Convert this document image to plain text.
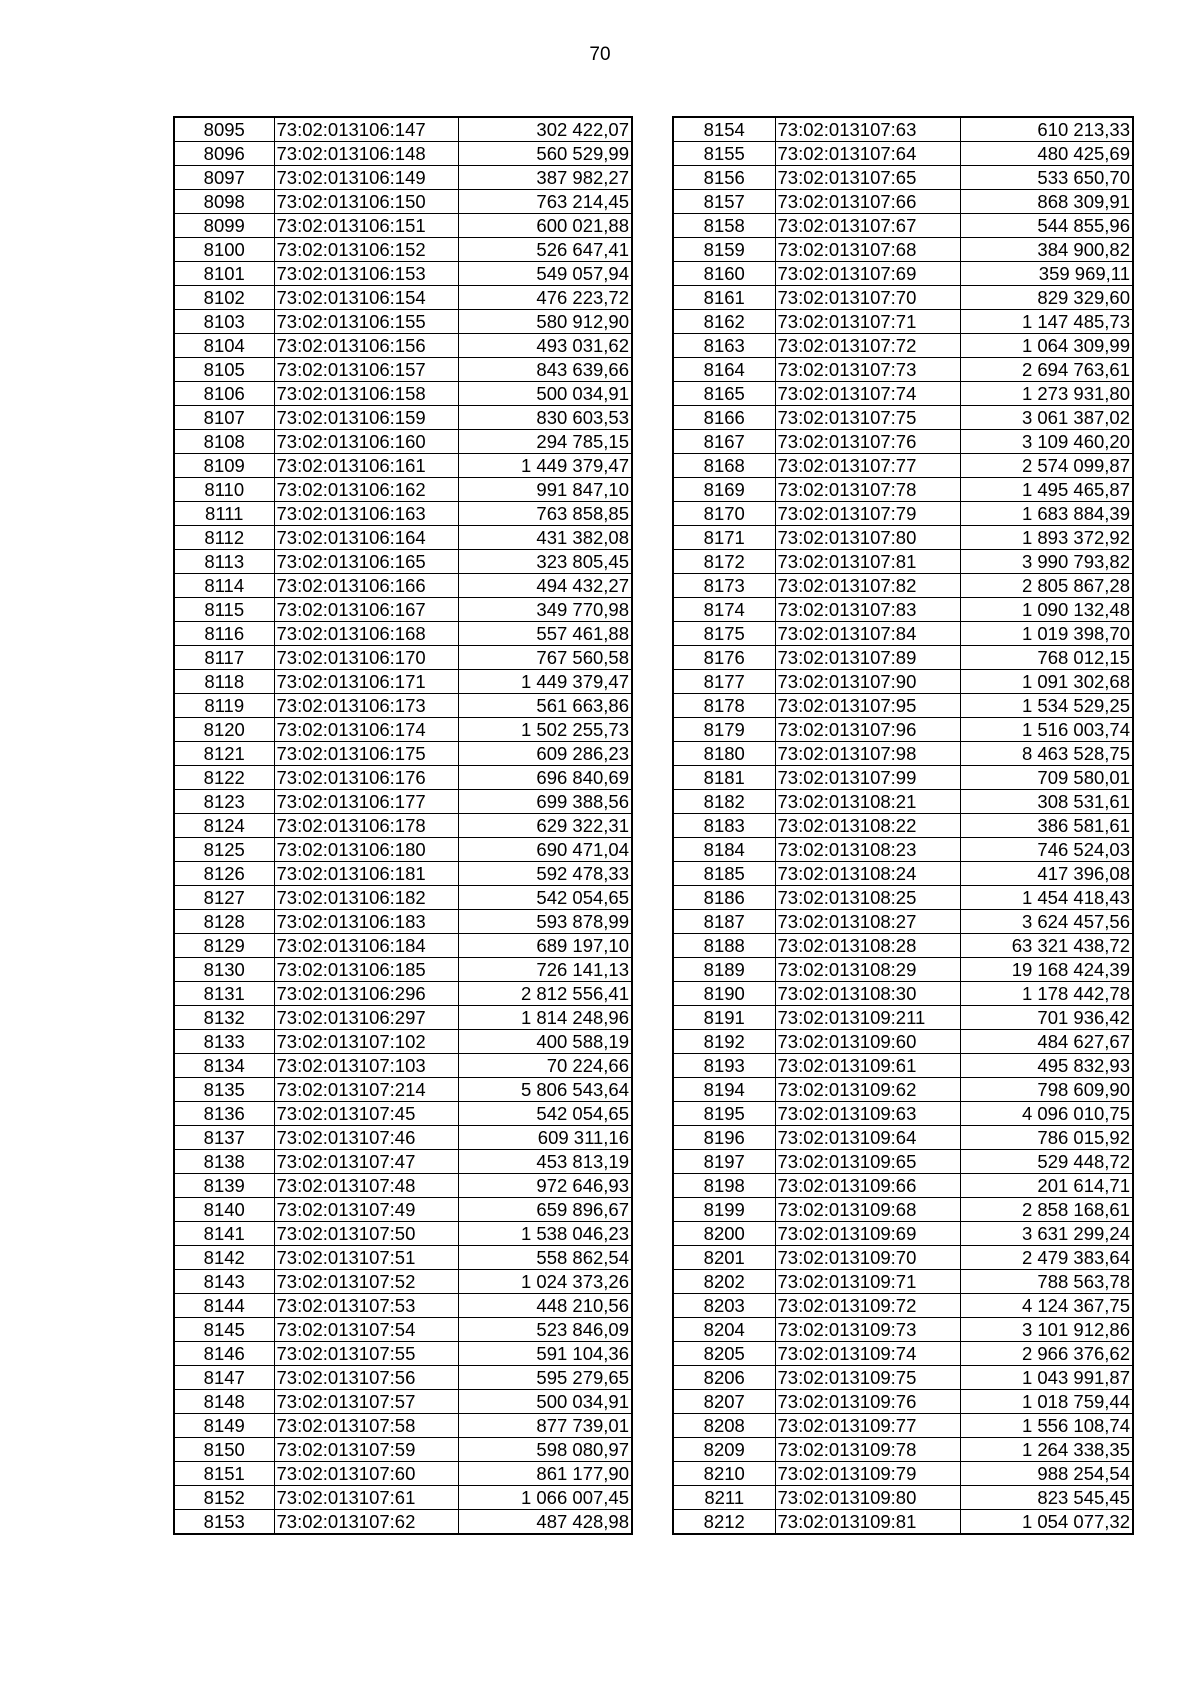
70
8095	73:02:013106:147	302 422,07
8096	73:02:013106:148	560 529,99
8097	73:02:013106:149	387 982,27
8098	73:02:013106:150	763 214,45
8099	73:02:013106:151	600 021,88
8100	73:02:013106:152	526 647,41
8101	73:02:013106:153	549 057,94
8102	73:02:013106:154	476 223,72
8103	73:02:013106:155	580 912,90
8104	73:02:013106:156	493 031,62
8105	73:02:013106:157	843 639,66
8106	73:02:013106:158	500 034,91
8107	73:02:013106:159	830 603,53
8108	73:02:013106:160	294 785,15
8109	73:02:013106:161	1 449 379,47
8110	73:02:013106:162	991 847,10
8111	73:02:013106:163	763 858,85
8112	73:02:013106:164	431 382,08
8113	73:02:013106:165	323 805,45
8114	73:02:013106:166	494 432,27
8115	73:02:013106:167	349 770,98
8116	73:02:013106:168	557 461,88
8117	73:02:013106:170	767 560,58
8118	73:02:013106:171	1 449 379,47
8119	73:02:013106:173	561 663,86
8120	73:02:013106:174	1 502 255,73
8121	73:02:013106:175	609 286,23
8122	73:02:013106:176	696 840,69
8123	73:02:013106:177	699 388,56
8124	73:02:013106:178	629 322,31
8125	73:02:013106:180	690 471,04
8126	73:02:013106:181	592 478,33
8127	73:02:013106:182	542 054,65
8128	73:02:013106:183	593 878,99
8129	73:02:013106:184	689 197,10
8130	73:02:013106:185	726 141,13
8131	73:02:013106:296	2 812 556,41
8132	73:02:013106:297	1 814 248,96
8133	73:02:013107:102	400 588,19
8134	73:02:013107:103	70 224,66
8135	73:02:013107:214	5 806 543,64
8136	73:02:013107:45	542 054,65
8137	73:02:013107:46	609 311,16
8138	73:02:013107:47	453 813,19
8139	73:02:013107:48	972 646,93
8140	73:02:013107:49	659 896,67
8141	73:02:013107:50	1 538 046,23
8142	73:02:013107:51	558 862,54
8143	73:02:013107:52	1 024 373,26
8144	73:02:013107:53	448 210,56
8145	73:02:013107:54	523 846,09
8146	73:02:013107:55	591 104,36
8147	73:02:013107:56	595 279,65
8148	73:02:013107:57	500 034,91
8149	73:02:013107:58	877 739,01
8150	73:02:013107:59	598 080,97
8151	73:02:013107:60	861 177,90
8152	73:02:013107:61	1 066 007,45
8153	73:02:013107:62	487 428,98
8154	73:02:013107:63	610 213,33
8155	73:02:013107:64	480 425,69
8156	73:02:013107:65	533 650,70
8157	73:02:013107:66	868 309,91
8158	73:02:013107:67	544 855,96
8159	73:02:013107:68	384 900,82
8160	73:02:013107:69	359 969,11
8161	73:02:013107:70	829 329,60
8162	73:02:013107:71	1 147 485,73
8163	73:02:013107:72	1 064 309,99
8164	73:02:013107:73	2 694 763,61
8165	73:02:013107:74	1 273 931,80
8166	73:02:013107:75	3 061 387,02
8167	73:02:013107:76	3 109 460,20
8168	73:02:013107:77	2 574 099,87
8169	73:02:013107:78	1 495 465,87
8170	73:02:013107:79	1 683 884,39
8171	73:02:013107:80	1 893 372,92
8172	73:02:013107:81	3 990 793,82
8173	73:02:013107:82	2 805 867,28
8174	73:02:013107:83	1 090 132,48
8175	73:02:013107:84	1 019 398,70
8176	73:02:013107:89	768 012,15
8177	73:02:013107:90	1 091 302,68
8178	73:02:013107:95	1 534 529,25
8179	73:02:013107:96	1 516 003,74
8180	73:02:013107:98	8 463 528,75
8181	73:02:013107:99	709 580,01
8182	73:02:013108:21	308 531,61
8183	73:02:013108:22	386 581,61
8184	73:02:013108:23	746 524,03
8185	73:02:013108:24	417 396,08
8186	73:02:013108:25	1 454 418,43
8187	73:02:013108:27	3 624 457,56
8188	73:02:013108:28	63 321 438,72
8189	73:02:013108:29	19 168 424,39
8190	73:02:013108:30	1 178 442,78
8191	73:02:013109:211	701 936,42
8192	73:02:013109:60	484 627,67
8193	73:02:013109:61	495 832,93
8194	73:02:013109:62	798 609,90
8195	73:02:013109:63	4 096 010,75
8196	73:02:013109:64	786 015,92
8197	73:02:013109:65	529 448,72
8198	73:02:013109:66	201 614,71
8199	73:02:013109:68	2 858 168,61
8200	73:02:013109:69	3 631 299,24
8201	73:02:013109:70	2 479 383,64
8202	73:02:013109:71	788 563,78
8203	73:02:013109:72	4 124 367,75
8204	73:02:013109:73	3 101 912,86
8205	73:02:013109:74	2 966 376,62
8206	73:02:013109:75	1 043 991,87
8207	73:02:013109:76	1 018 759,44
8208	73:02:013109:77	1 556 108,74
8209	73:02:013109:78	1 264 338,35
8210	73:02:013109:79	988 254,54
8211	73:02:013109:80	823 545,45
8212	73:02:013109:81	1 054 077,32
